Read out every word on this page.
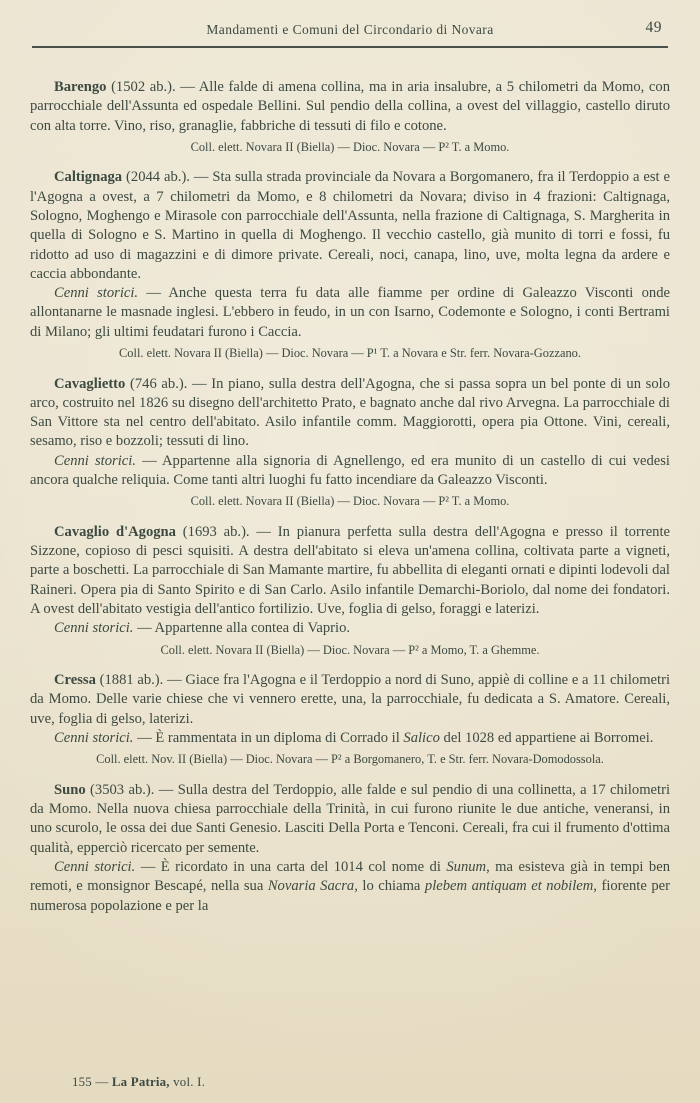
Mandamenti e Comuni del Circondario di Novara	49

Barengo (1502 ab.). — Alle falde di amena collina, ma in aria insalubre, a 5 chilometri da Momo, con parrocchiale dell'Assunta ed ospedale Bellini. Sul pendio della collina, a ovest del villaggio, castello diruto con alta torre. Vino, riso, granaglie, fabbriche di tessuti di filo e cotone.

Coll. elett. Novara II (Biella) — Dioc. Novara — P² T. a Momo.

Caltignaga (2044 ab.). — Sta sulla strada provinciale da Novara a Borgomanero, fra il Terdoppio a est e l'Agogna a ovest, a 7 chilometri da Momo, e 8 chilometri da Novara; diviso in 4 frazioni: Caltignaga, Sologno, Moghengo e Mirasole con parrocchiale dell'Assunta, nella frazione di Caltignaga, S. Margherita in quella di Sologno e S. Martino in quella di Moghengo. Il vecchio castello, già munito di torri e fossi, fu ridotto ad uso di magazzini e di dimore private. Cereali, noci, canapa, lino, uve, molta legna da ardere e caccia abbondante.

Cenni storici. — Anche questa terra fu data alle fiamme per ordine di Galeazzo Visconti onde allontanarne le masnade inglesi. L'ebbero in feudo, in un con Isarno, Codemonte e Sologno, i conti Bertrami di Milano; gli ultimi feudatari furono i Caccia.

Coll. elett. Novara II (Biella) — Dioc. Novara — P¹ T. a Novara e Str. ferr. Novara-Gozzano.

Cavaglietto (746 ab.). — In piano, sulla destra dell'Agogna, che si passa sopra un bel ponte di un solo arco, costruito nel 1826 su disegno dell'architetto Prato, e bagnato anche dal rivo Arvegna. La parrocchiale di San Vittore sta nel centro dell'abitato. Asilo infantile comm. Maggiorotti, opera pia Ottone. Vini, cereali, sesamo, riso e bozzoli; tessuti di lino.

Cenni storici. — Appartenne alla signoria di Agnellengo, ed era munito di un castello di cui vedesi ancora qualche reliquia. Come tanti altri luoghi fu fatto incendiare da Galeazzo Visconti.

Coll. elett. Novara II (Biella) — Dioc. Novara — P² T. a Momo.

Cavaglio d'Agogna (1693 ab.). — In pianura perfetta sulla destra dell'Agogna e presso il torrente Sizzone, copioso di pesci squisiti. A destra dell'abitato si eleva un'amena collina, coltivata parte a vigneti, parte a boschetti. La parrocchiale di San Mamante martire, fu abbellita di eleganti ornati e dipinti lodevoli dal Raineri. Opera pia di Santo Spirito e di San Carlo. Asilo infantile Demarchi-Boriolo, dal nome dei fondatori. A ovest dell'abitato vestigia dell'antico fortilizio. Uve, foglia di gelso, foraggi e laterizi.

Cenni storici. — Appartenne alla contea di Vaprio.

Coll. elett. Novara II (Biella) — Dioc. Novara — P² a Momo, T. a Ghemme.

Cressa (1881 ab.). — Giace fra l'Agogna e il Terdoppio a nord di Suno, appiè di colline e a 11 chilometri da Momo. Delle varie chiese che vi vennero erette, una, la parrocchiale, fu dedicata a S. Amatore. Cereali, uve, foglia di gelso, laterizi.

Cenni storici. — È rammentata in un diploma di Corrado il Salico del 1028 ed appartiene ai Borromei.

Coll. elett. Nov. II (Biella) — Dioc. Novara — P² a Borgomanero, T. e Str. ferr. Novara-Domodossola.

Suno (3503 ab.). — Sulla destra del Terdoppio, alle falde e sul pendio di una collinetta, a 17 chilometri da Momo. Nella nuova chiesa parrocchiale della Trinità, in cui furono riunite le due antiche, veneransi, in uno scurolo, le ossa dei due Santi Genesio. Lasciti Della Porta e Tenconi. Cereali, fra cui il frumento d'ottima qualità, epperciò ricercato per semente.

Cenni storici. — È ricordato in una carta del 1014 col nome di Sunum, ma esisteva già in tempi ben remoti, e monsignor Bescapé, nella sua Novaria Sacra, lo chiama plebem antiquam et nobilem, fiorente per numerosa popolazione e per la

155 — La Patria, vol. I.
